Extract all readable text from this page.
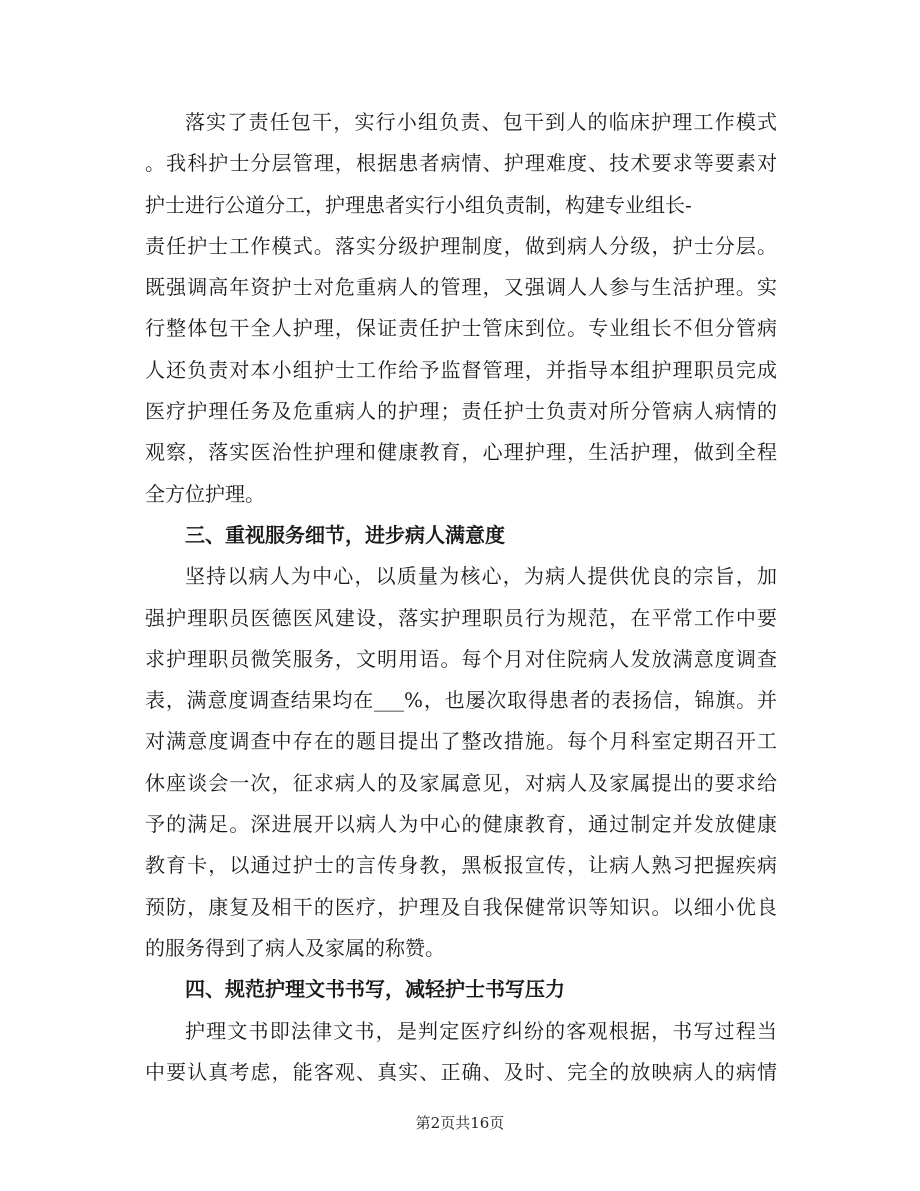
落实了责任包干，实行小组负责、包干到人的临床护理工作模式
。我科护士分层管理，根据患者病情、护理难度、技术要求等要素对
护士进行公道分工，护理患者实行小组负责制，构建专业组长-
责任护士工作模式。落实分级护理制度，做到病人分级，护士分层。
既强调高年资护士对危重病人的管理，又强调人人参与生活护理。实
行整体包干全人护理，保证责任护士管床到位。专业组长不但分管病
人还负责对本小组护士工作给予监督管理，并指导本组护理职员完成
医疗护理任务及危重病人的护理；责任护士负责对所分管病人病情的
观察，落实医治性护理和健康教育，心理护理，生活护理，做到全程
全方位护理。
三、重视服务细节，进步病人满意度
坚持以病人为中心，以质量为核心，为病人提供优良的宗旨，加
强护理职员医德医风建设，落实护理职员行为规范，在平常工作中要
求护理职员微笑服务，文明用语。每个月对住院病人发放满意度调查
表，满意度调查结果均在___%，也屡次取得患者的表扬信，锦旗。并
对满意度调查中存在的题目提出了整改措施。每个月科室定期召开工
休座谈会一次，征求病人的及家属意见，对病人及家属提出的要求给
予的满足。深进展开以病人为中心的健康教育，通过制定并发放健康
教育卡，以通过护士的言传身教，黑板报宣传，让病人熟习把握疾病
预防，康复及相干的医疗，护理及自我保健常识等知识。以细小优良
的服务得到了病人及家属的称赞。
四、规范护理文书书写，减轻护士书写压力
护理文书即法律文书，是判定医疗纠纷的客观根据，书写过程当
中要认真考虑，能客观、真实、正确、及时、完全的放映病人的病情
第2页共16页
